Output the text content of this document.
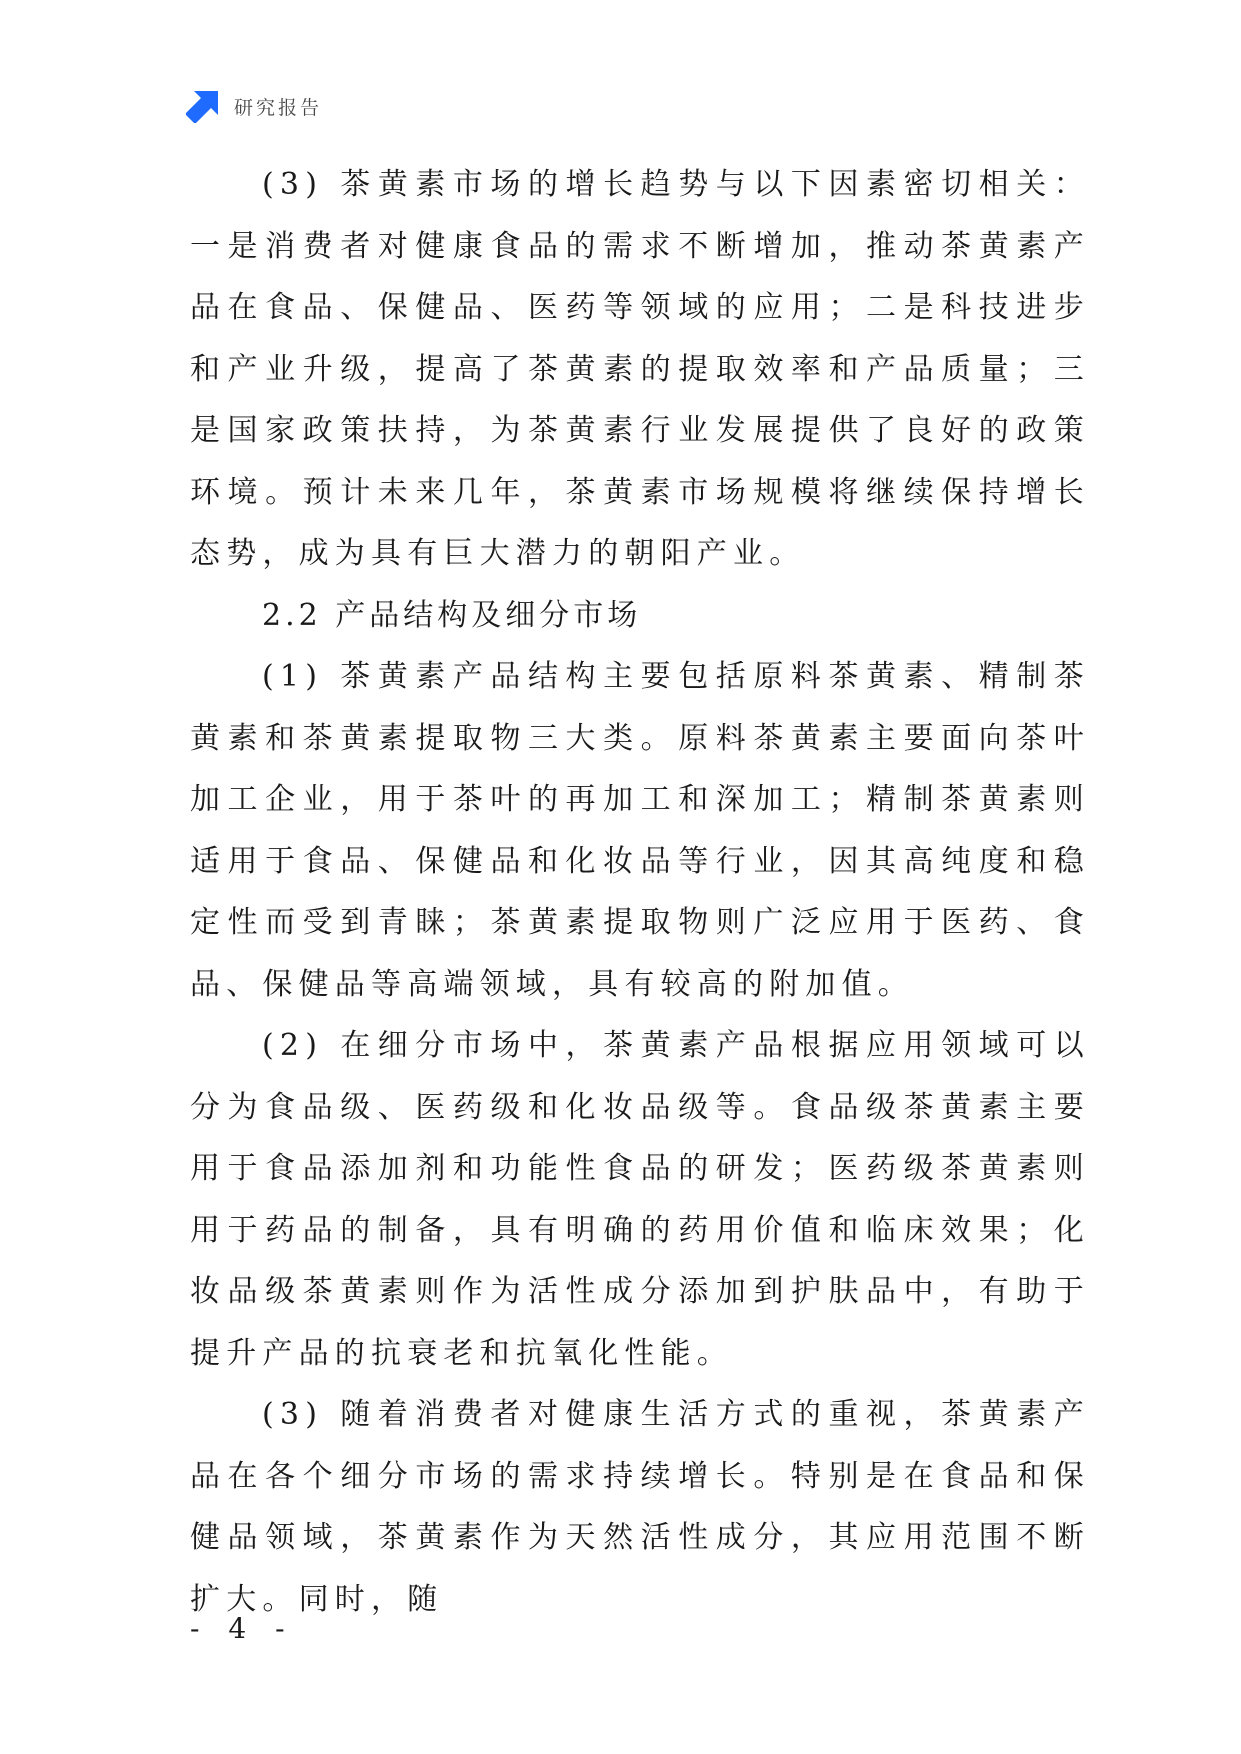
研究报告

(3) 茶黄素市场的增长趋势与以下因素密切相关：一是消费者对健康食品的需求不断增加，推动茶黄素产品在食品、保健品、医药等领域的应用；二是科技进步和产业升级，提高了茶黄素的提取效率和产品质量；三是国家政策扶持，为茶黄素行业发展提供了良好的政策环境。预计未来几年，茶黄素市场规模将继续保持增长态势，成为具有巨大潜力的朝阳产业。

2.2 产品结构及细分市场

(1) 茶黄素产品结构主要包括原料茶黄素、精制茶黄素和茶黄素提取物三大类。原料茶黄素主要面向茶叶加工企业，用于茶叶的再加工和深加工；精制茶黄素则适用于食品、保健品和化妆品等行业，因其高纯度和稳定性而受到青睐；茶黄素提取物则广泛应用于医药、食品、保健品等高端领域，具有较高的附加值。

(2) 在细分市场中，茶黄素产品根据应用领域可以分为食品级、医药级和化妆品级等。食品级茶黄素主要用于食品添加剂和功能性食品的研发；医药级茶黄素则用于药品的制备，具有明确的药用价值和临床效果；化妆品级茶黄素则作为活性成分添加到护肤品中，有助于提升产品的抗衰老和抗氧化性能。

(3) 随着消费者对健康生活方式的重视，茶黄素产品在各个细分市场的需求持续增长。特别是在食品和保健品领域，茶黄素作为天然活性成分，其应用范围不断扩大。同时，随

- 4 -
